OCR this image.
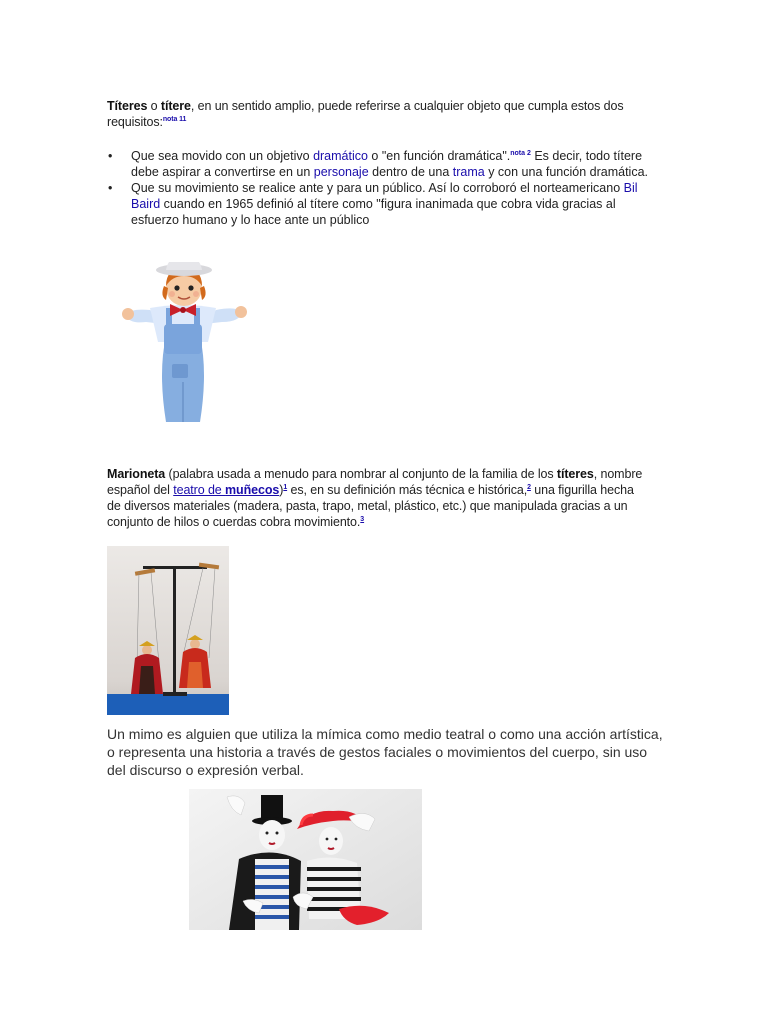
Títeres o títere, en un sentido amplio, puede referirse a cualquier objeto que cumpla estos dos requisitos:$^{nota 11}$

• Que sea movido con un objetivo dramático o "en función dramática".$^{nota 2}$ Es decir, todo títere debe aspirar a convertirse en un personaje dentro de una trama y con una función dramática.
• Que su movimiento se realice ante y para un público. Así lo corroboró el norteamericano Bil Baird cuando en 1965 definió al títere como "figura inanimada que cobra vida gracias al esfuerzo humano y lo hace ante un público

Marioneta (palabra usada a menudo para nombrar al conjunto de la familia de los títeres, nombre español del teatro de muñecos)$^1$ es, en su definición más técnica e histórica,$^2$ una figurilla hecha de diversos materiales (madera, pasta, trapo, metal, plástico, etc.) que manipulada gracias a un conjunto de hilos o cuerdas cobra movimiento.$^3$

Un mimo es alguien que utiliza la mímica como medio teatral o como una acción artística, o representa una historia a través de gestos faciales o movimientos del cuerpo, sin uso del discurso o expresión verbal.
